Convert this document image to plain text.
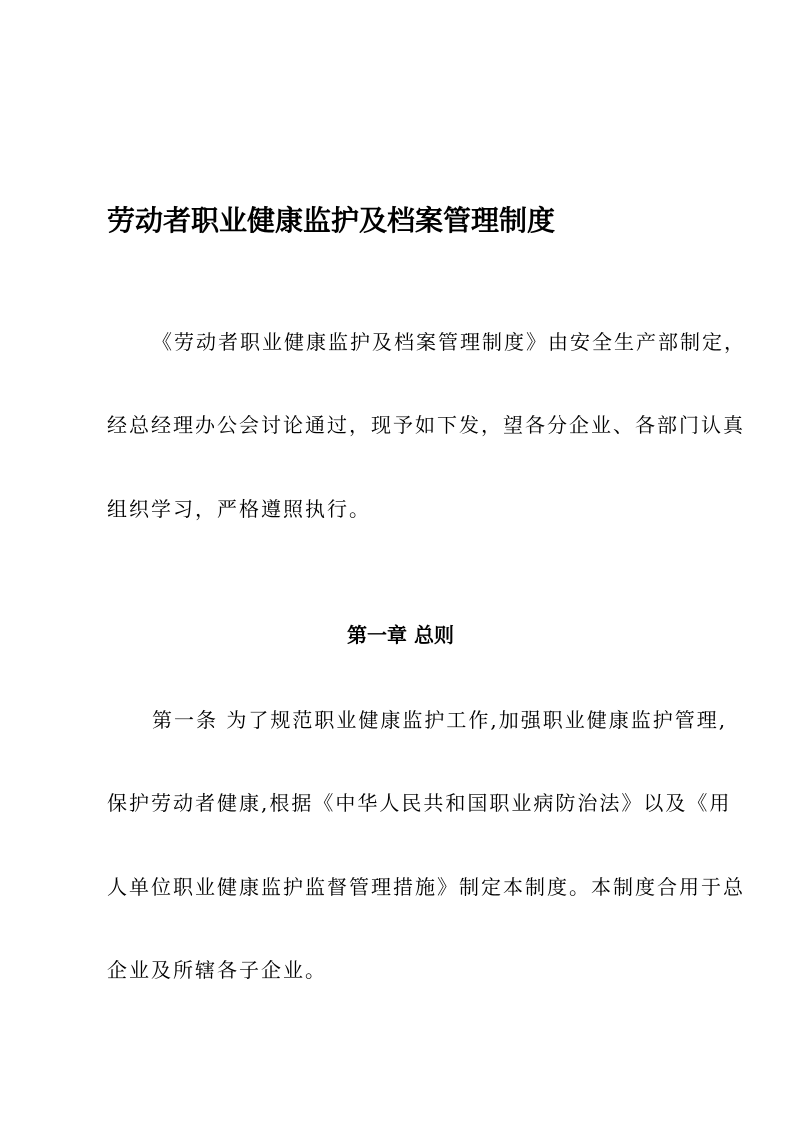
劳动者职业健康监护及档案管理制度
《劳动者职业健康监护及档案管理制度》由安全生产部制定，
经总经理办公会讨论通过，现予如下发，望各分企业、各部门认真
组织学习，严格遵照执行。
第一章 总则
第一条 为了规范职业健康监护工作,加强职业健康监护管理,
保护劳动者健康,根据《中华人民共和国职业病防治法》以及《用
人单位职业健康监护监督管理措施》制定本制度。本制度合用于总
企业及所辖各子企业。
